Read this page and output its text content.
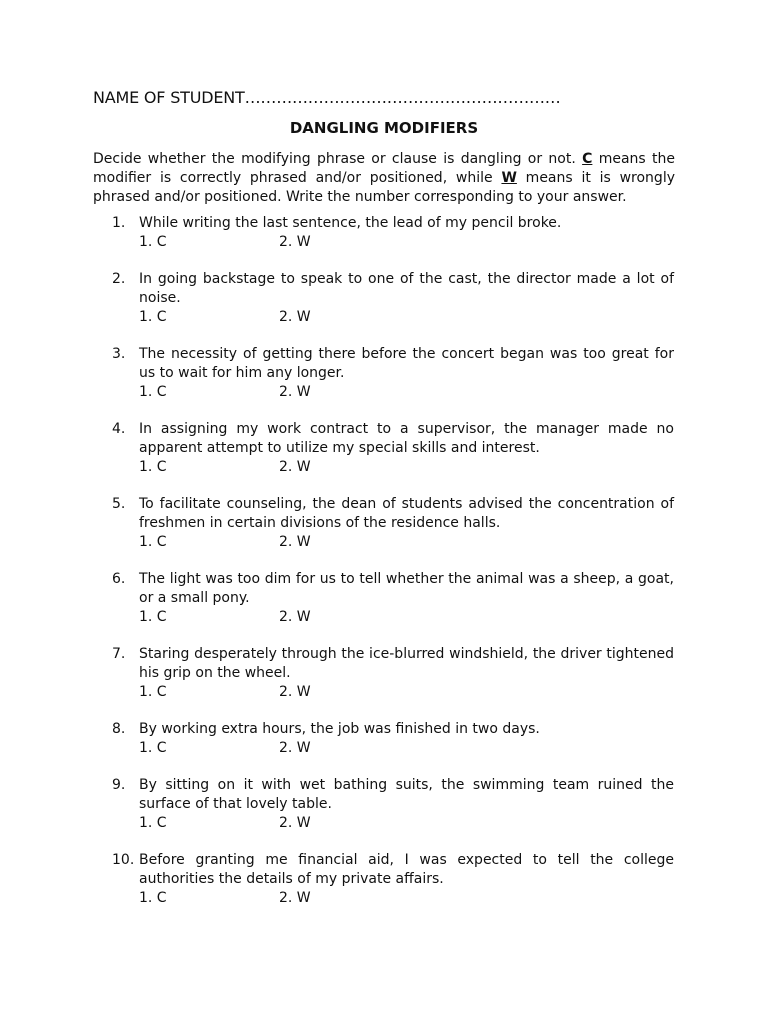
NAME OF STUDENT……………………………………………………
DANGLING MODIFIERS
Decide whether the modifying phrase or clause is dangling or not. C means the modifier is correctly phrased and/or positioned, while W means it is wrongly phrased and/or positioned. Write the number corresponding to your answer.
1. While writing the last sentence, the lead of my pencil broke.
1. C	2. W
2. In going backstage to speak to one of the cast, the director made a lot of noise.
1. C	2. W
3. The necessity of getting there before the concert began was too great for us to wait for him any longer.
1. C	2. W
4. In assigning my work contract to a supervisor, the manager made no apparent attempt to utilize my special skills and interest.
1. C	2. W
5. To facilitate counseling, the dean of students advised the concentration of freshmen in certain divisions of the residence halls.
1. C	2. W
6. The light was too dim for us to tell whether the animal was a sheep, a goat, or a small pony.
1. C	2. W
7. Staring desperately through the ice-blurred windshield, the driver tightened his grip on the wheel.
1. C	2. W
8. By working extra hours, the job was finished in two days.
1. C	2. W
9. By sitting on it with wet bathing suits, the swimming team ruined the surface of that lovely table.
1. C	2. W
10. Before granting me financial aid, I was expected to tell the college authorities the details of my private affairs.
1. C	2. W
